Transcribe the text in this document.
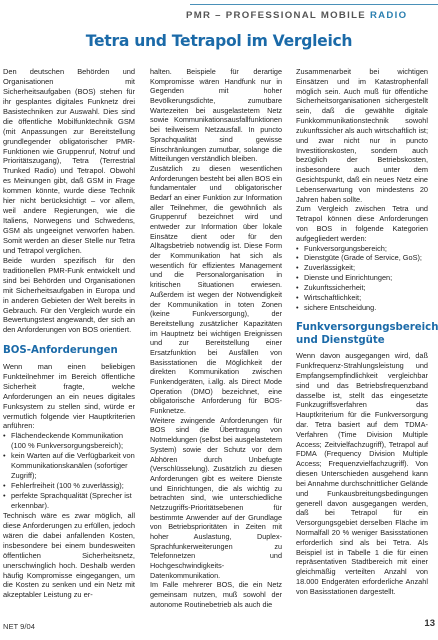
PMR – PROFESSIONAL MOBILE RADIO
Tetra und Tetrapol im Vergleich

Den deutschen Behörden und Organisationen mit Sicherheitsaufgaben (BOS) stehen für ihr gesplantes digitales Funknetz drei Basistechniken zur Auswahl. Dies sind die öffentliche Mobilfunktechnik GSM (mit Anpassungen zur Bereitstellung grundlegender obligatorischer PMR-Funktionen wie Gruppenruf, Notruf und Prioritätszugang), Tetra (Terrestrial Trunked Radio) und Tetrapol. Obwohl es Meinungen gibt, daß GSM in Frage kommen könnte, wurde diese Technik hier nicht berücksichtigt – vor allem, weil andere Regierungen, wie die Italiens, Norwegens und Schwedens, GSM als ungeeignet verworfen haben. Somit werden an dieser Stelle nur Tetra und Tetrapol verglichen.

Beide wurden spezifisch für den traditionellen PMR-Funk entwickelt und sind bei Behörden und Organisationen mit Sicherheitsaufgaben in Europa und in anderen Gebieten der Welt bereits in Gebrauch. Für den Vergleich wurde ein Bewertungstest angewandt, der sich an den Anforderungen von BOS orientiert.

BOS-Anforderungen

Wenn man einen beliebigen Funkteilnehmer im Bereich öffentliche Sicherheit fragte, welche Anforderungen an ein neues digitales Funksystem zu stellen sind, würde er vermutlich folgende vier Hauptkriterien anführen:

• Flächendeckende Kommunikation (100 % Funkversorgungsbereich);
• kein Warten auf die Verfügbarkeit von Kommunikationskanälen (sofortiger Zugriff);
• Fehlerfreiheit (100 % zuverlässig);
• perfekte Sprachqualität (Sprecher ist erkennbar).

Technisch wäre es zwar möglich, all diese Anforderungen zu erfüllen, jedoch wären die dabei anfallenden Kosten, insbesondere bei einem bundesweiten öffentlichen Sicherheitsnetz, unerschwinglich hoch. Deshalb werden häufig Kompromisse eingegangen, um die Kosten zu senken und ein Netz mit akzeptabler Leistung zu er-

halten. Beispiele für derartige Kompromisse wären Handfunk nur in Gegenden mit hoher Bevölkerungsdichte, zumutbare Wartezeiten bei ausgelastetem Netz sowie Kommunikationsausfallfunktionen bei teilweisem Netzausfall. In puncto Sprachqualität sind gewisse Einschränkungen zumutbar, solange die Mitteilungen verständlich bleiben.

Zusätzlich zu diesen wesentlichen Anforderungen besteht bei allen BOS ein fundamentaler und obligatorischer Bedarf an einer Funktion zur Information aller Teilnehmer, die gewöhnlich als Gruppenruf bezeichnet wird und entweder zur Information über lokale Einsätze dient oder für den Alltagsbetrieb notwendig ist. Diese Form der Kommunikation hat sich als wesentlich für effizientes Management und die Personalorganisation in kritischen Situationen erwiesen. Außerdem ist wegen der Notwendigkeit der Kommunikation in toten Zonen (keine Funkversorgung), der Bereitstellung zusätzlicher Kapazitäten im Hauptnetz bei wichtigen Ereignissen und zur Bereitstellung einer Ersatzfunktion bei Ausfällen von Basisstationen die Möglichkeit der direkten Kommunikation zwischen Funkendgeräten, i.allg. als Direct Mode Operation (DMO) bezeichnet, eine obligatorische Anforderung für BOS-Funknetze.

Weitere zwingende Anforderungen für BOS sind die Übertragung von Notmeldungen (selbst bei ausgelastetem System) sowie der Schutz vor dem Abhören durch Unbefugte (Verschlüsselung). Zusätzlich zu diesen Anforderungen gibt es weitere Dienste und Einrichtungen, die als wichtig zu betrachten sind, wie unterschiedliche Netzzugriffs-Prioritätsebenen für bestimmte Anwender auf der Grundlage von Betriebsprioritäten in Zeiten mit hoher Auslastung, Duplex-Sprachfunkerweiterungen zu Telefonnetzen und Hochgeschwindigkeits-Datenkommunikation.

Im Falle mehrerer BOS, die ein Netz gemeinsam nutzen, muß sowohl der autonome Routinebetrieb als auch die

Zusammenarbeit bei wichtigen Einsätzen und im Katastrophenfall möglich sein. Auch muß für öffentliche Sicherheitsorganisationen sichergestellt sein, daß die gewählte digitale Funkkommunikationstechnik sowohl zukunftssicher als auch wirtschaftlich ist; und zwar nicht nur in puncto Investitionskosten, sondern auch bezüglich der Betriebskosten, insbesondere auch unter dem Gesichtspunkt, daß ein neues Netz eine Lebenserwartung von mindestens 20 Jahren haben sollte.

Zum Vergleich zwischen Tetra und Tetrapol können diese Anforderungen von BOS in folgende Kategorien aufgegliedert werden:

• Funkversorgungsbereich;
• Dienstgüte (Grade of Service, GoS);
• Zuverlässigkeit;
• Dienste und Einrichtungen;
• Zukunftssicherheit;
• Wirtschaftlichkeit;
• sichere Entscheidung.
Funkversorgungsbereich und Dienstgüte

Wenn davon ausgegangen wird, daß Funkfrequenz-Strahlungsleistung und Empfangsempfindlichkeit vergleichbar sind und das Betriebsfrequenzband dasselbe ist, stellt das eingesetzte Funkzugriffsverfahren das Hauptkriterium für die Funkversorgung dar. Tetra basiert auf dem TDMA-Verfahren (Time Division Multiple Access; Zeitvielfachzugriff), Tetrapol auf FDMA (Frequency Division Multiple Access; Frequenzvielfachzugriff). Von diesen Unterschieden ausgehend kann bei Annahme durchschnittlicher Gelände und Funkausbreitungsbedingungen generell davon ausgegangen werden, daß bei Tetrapol für ein Versorgungsgebiet derselben Fläche im Normalfall 20 % weniger Basisstationen erforderlich sind als bei Tetra. Als Beispiel ist in Tabelle 1 die für einen repräsentativen Stadtbereich mit einer gleichmäßig verteilten Anzahl von 18.000 Endgeräten erforderliche Anzahl von Basisstationen dargestellt.

NET 9/04	13
